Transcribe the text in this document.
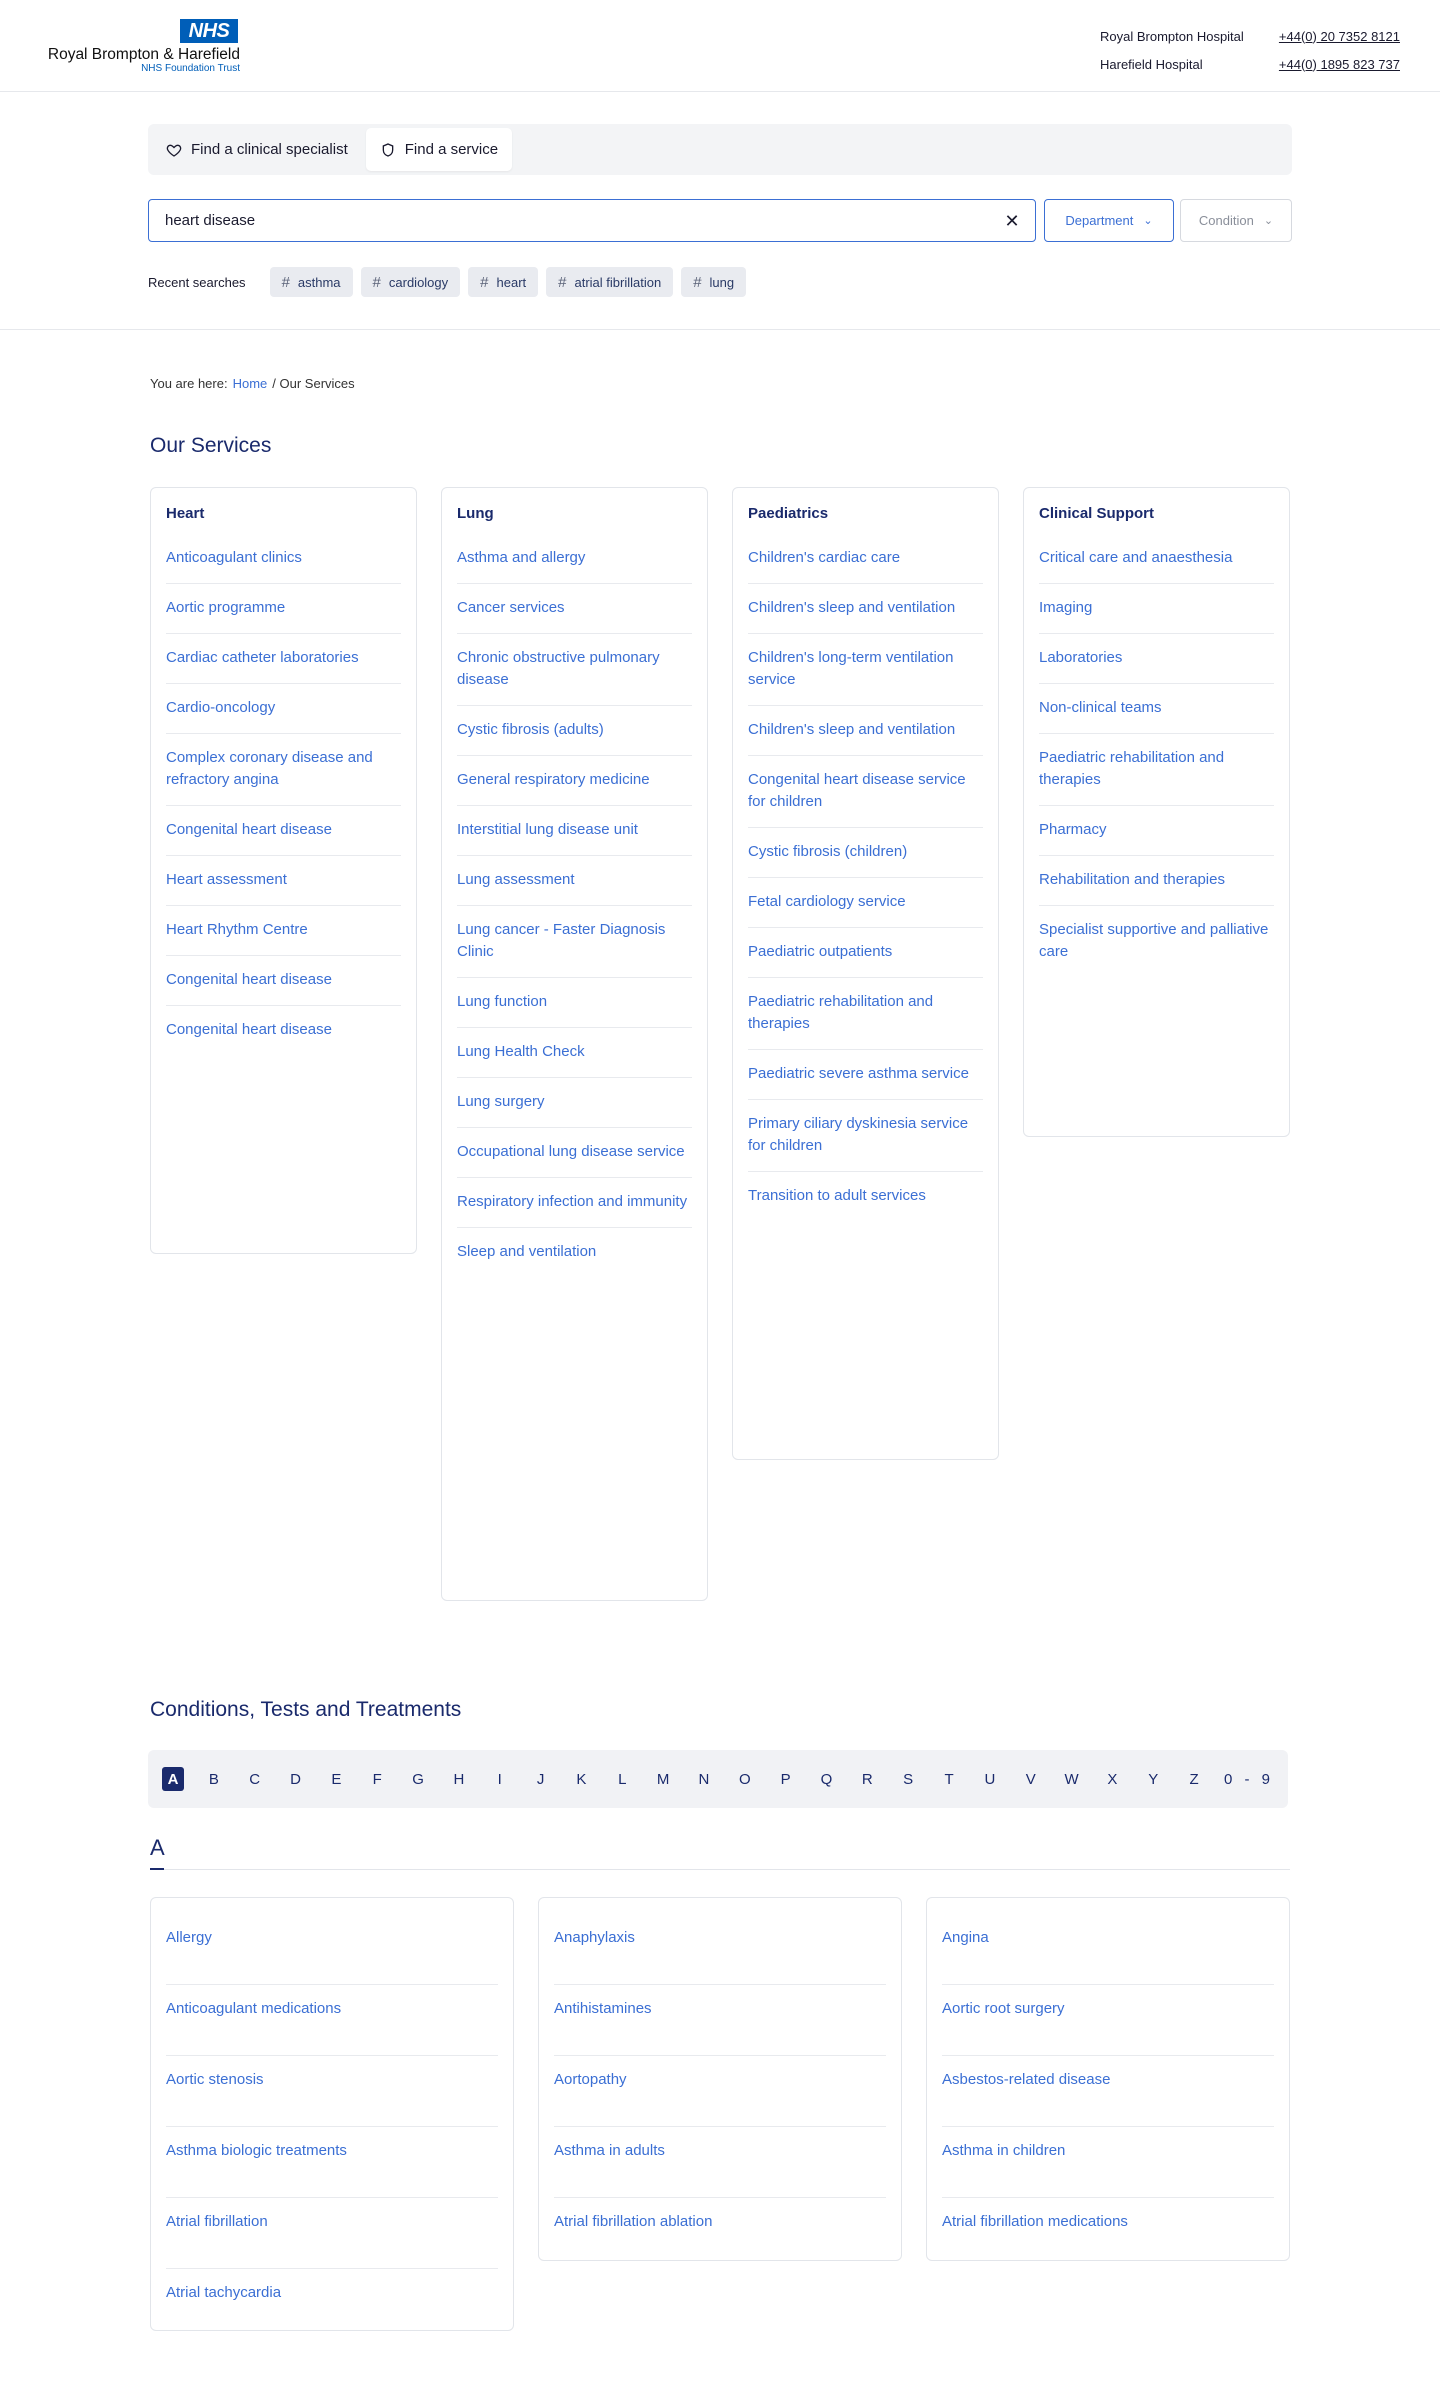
NHS
Royal Brompton & Harefield
NHS Foundation Trust
Royal Brompton Hospital	+44(0) 20 7352 8121
Harefield Hospital	+44(0) 1895 823 737
Find a clinical specialist	Find a service
heart disease
✕	Department ⌄	Condition ⌄
Recent searches # asthma # cardiology # heart # atrial fibrillation # lung
You are here: Home / Our Services
Our Services
Heart
Anticoagulant clinics
Aortic programme
Cardiac catheter laboratories
Cardio-oncology
Complex coronary disease and refractory angina
Congenital heart disease
Heart assessment
Heart Rhythm Centre
Congenital heart disease
Congenital heart disease
Lung
Asthma and allergy
Cancer services
Chronic obstructive pulmonary disease
Cystic fibrosis (adults)
General respiratory medicine
Interstitial lung disease unit
Lung assessment
Lung cancer - Faster Diagnosis Clinic
Lung function
Lung Health Check
Lung surgery
Occupational lung disease service
Respiratory infection and immunity
Sleep and ventilation
Paediatrics
Children's cardiac care
Children's sleep and ventilation
Children's long-term ventilation service
Children's sleep and ventilation
Congenital heart disease service for children
Cystic fibrosis (children)
Fetal cardiology service
Paediatric outpatients
Paediatric rehabilitation and therapies
Paediatric severe asthma service
Primary ciliary dyskinesia service for children
Transition to adult services
Clinical Support
Critical care and anaesthesia
Imaging
Laboratories
Non-clinical teams
Paediatric rehabilitation and therapies
Pharmacy
Rehabilitation and therapies
Specialist supportive and palliative care
Conditions, Tests and Treatments
A	B	C	D	E	F	G	H	I	J	K	L	M	N	O	P	Q	R	S	T	U	V	W	X	Y	Z	0 - 9
A
Allergy
Anticoagulant medications
Aortic stenosis
Asthma biologic treatments
Atrial fibrillation
Atrial tachycardia
Anaphylaxis
Antihistamines
Aortopathy
Asthma in adults
Atrial fibrillation ablation
Angina
Aortic root surgery
Asbestos-related disease
Asthma in children
Atrial fibrillation medications
